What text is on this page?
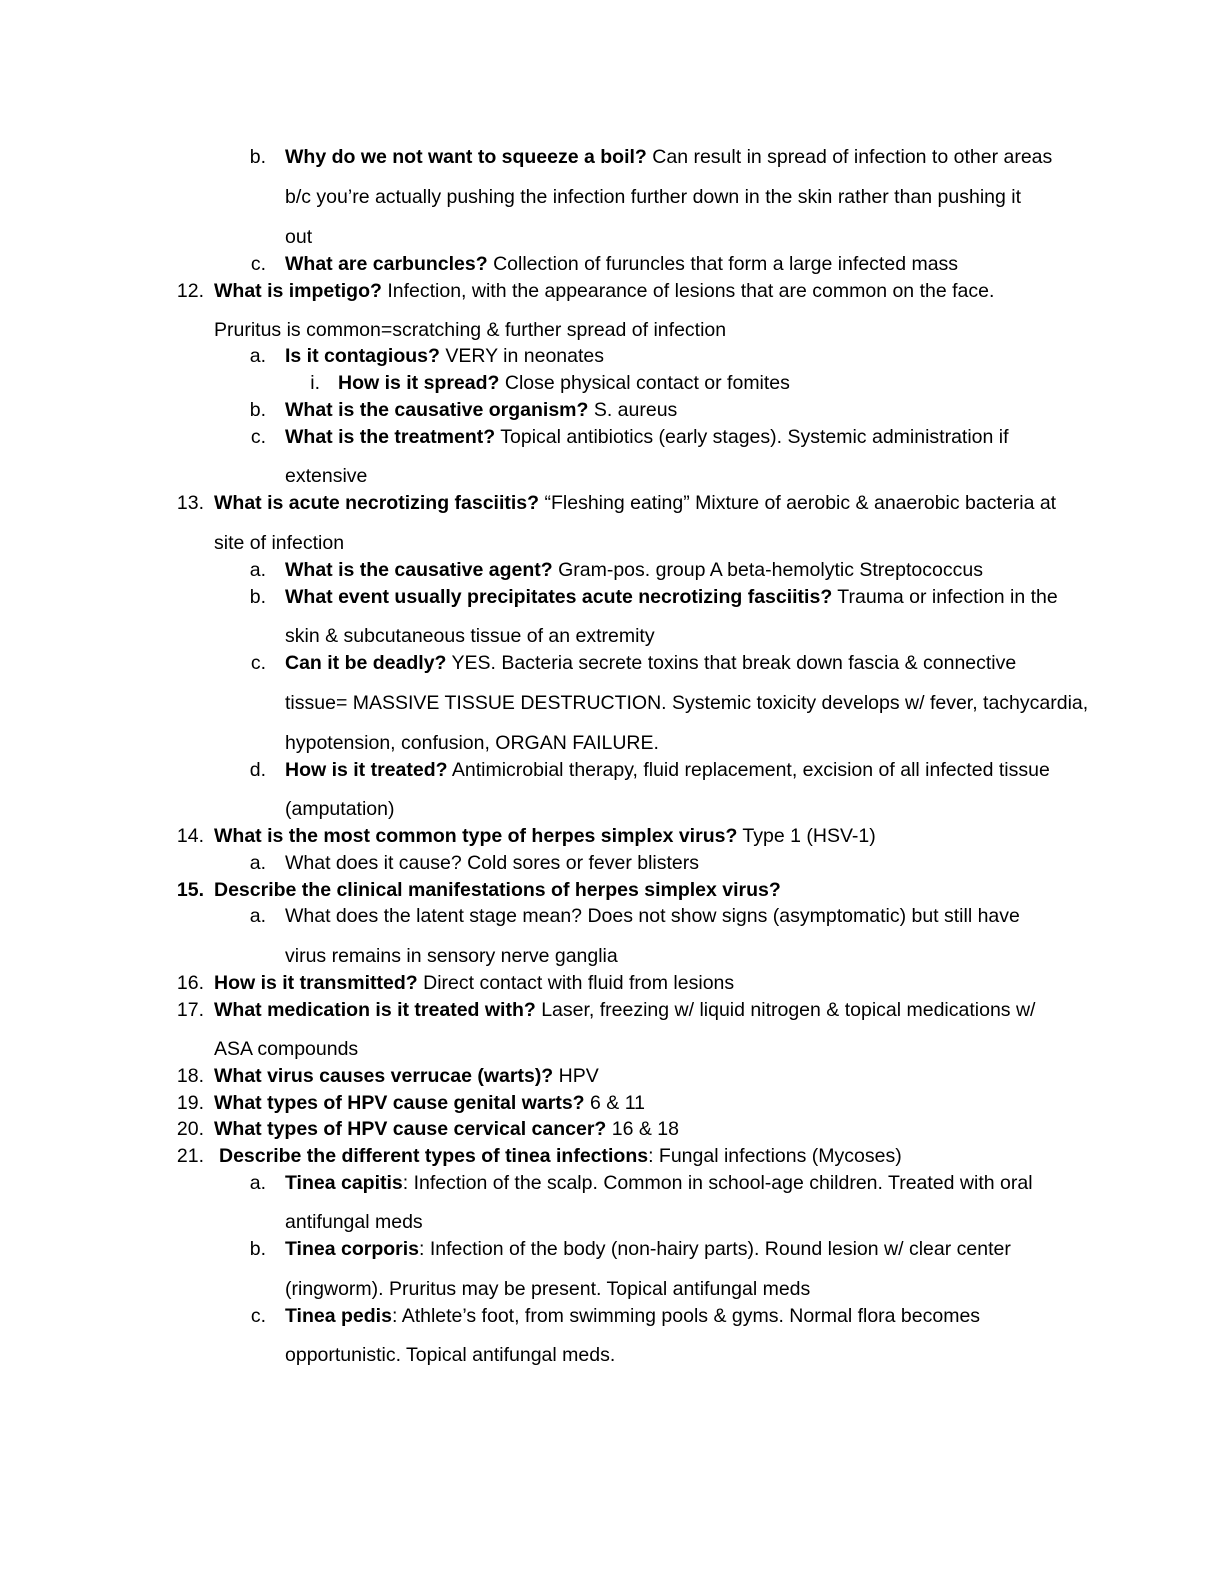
b. Why do we not want to squeeze a boil? Can result in spread of infection to other areas
b/c you’re actually pushing the infection further down in the skin rather than pushing it
out
c. What are carbuncles? Collection of furuncles that form a large infected mass
12. What is impetigo? Infection, with the appearance of lesions that are common on the face.
Pruritus is common=scratching & further spread of infection
a. Is it contagious? VERY in neonates
i. How is it spread? Close physical contact or fomites
b. What is the causative organism? S. aureus
c. What is the treatment? Topical antibiotics (early stages). Systemic administration if
extensive
13. What is acute necrotizing fasciitis? “Fleshing eating” Mixture of aerobic & anaerobic bacteria at
site of infection
a. What is the causative agent? Gram-pos. group A beta-hemolytic Streptococcus
b. What event usually precipitates acute necrotizing fasciitis? Trauma or infection in the
skin & subcutaneous tissue of an extremity
c. Can it be deadly? YES. Bacteria secrete toxins that break down fascia & connective
tissue= MASSIVE TISSUE DESTRUCTION. Systemic toxicity develops w/ fever, tachycardia,
hypotension, confusion, ORGAN FAILURE.
d. How is it treated? Antimicrobial therapy, fluid replacement, excision of all infected tissue
(amputation)
14. What is the most common type of herpes simplex virus? Type 1 (HSV-1)
a. What does it cause? Cold sores or fever blisters
15. Describe the clinical manifestations of herpes simplex virus?
a. What does the latent stage mean? Does not show signs (asymptomatic) but still have
virus remains in sensory nerve ganglia
16. How is it transmitted? Direct contact with fluid from lesions
17. What medication is it treated with? Laser, freezing w/ liquid nitrogen & topical medications w/
ASA compounds
18. What virus causes verrucae (warts)? HPV
19. What types of HPV cause genital warts? 6 & 11
20. What types of HPV cause cervical cancer? 16 & 18
21. Describe the different types of tinea infections: Fungal infections (Mycoses)
a. Tinea capitis: Infection of the scalp. Common in school-age children. Treated with oral
antifungal meds
b. Tinea corporis: Infection of the body (non-hairy parts). Round lesion w/ clear center
(ringworm). Pruritus may be present. Topical antifungal meds
c. Tinea pedis: Athlete’s foot, from swimming pools & gyms. Normal flora becomes
opportunistic. Topical antifungal meds.
